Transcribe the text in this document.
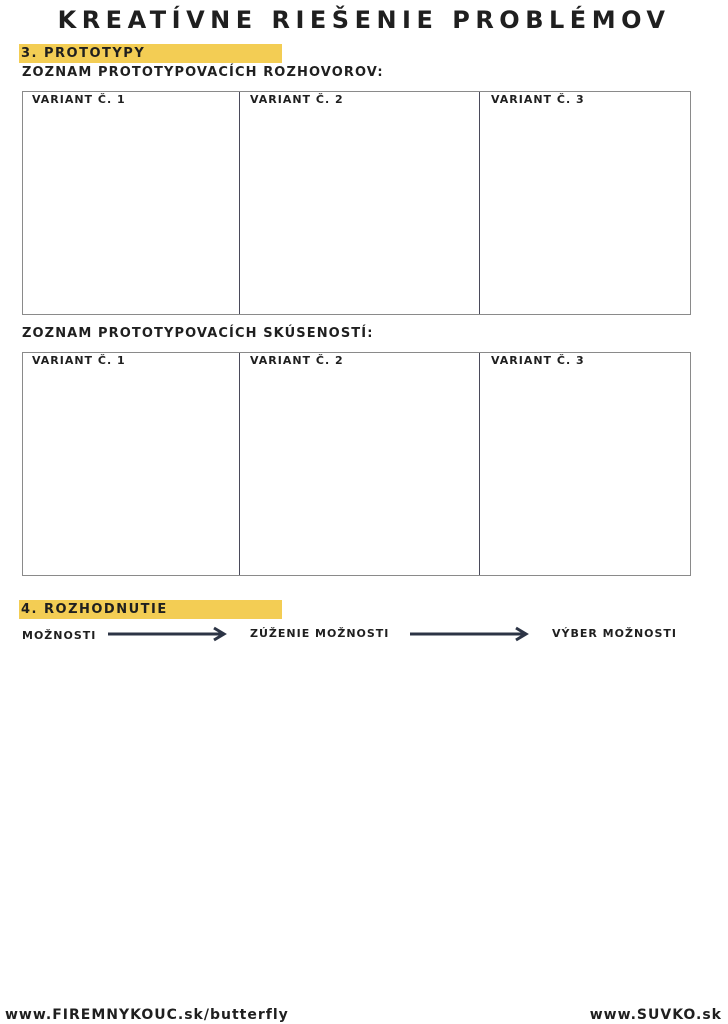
KREATÍVNE RIEŠENIE PROBLÉMOV
3. PROTOTYPY
ZOZNAM PROTOTYPOVACÍCH ROZHOVOROV:
VARIANT Č. 1	VARIANT Č. 2	VARIANT Č. 3
ZOZNAM PROTOTYPOVACÍCH SKÚSENOSTÍ:
VARIANT Č. 1	VARIANT Č. 2	VARIANT Č. 3
4. ROZHODNUTIE
MOŽNOSTI	ZÚŽENIE MOŽNOSTI	VÝBER MOŽNOSTI
www.FIREMNYKOUC.sk/butterfly	www.SUVKO.sk
